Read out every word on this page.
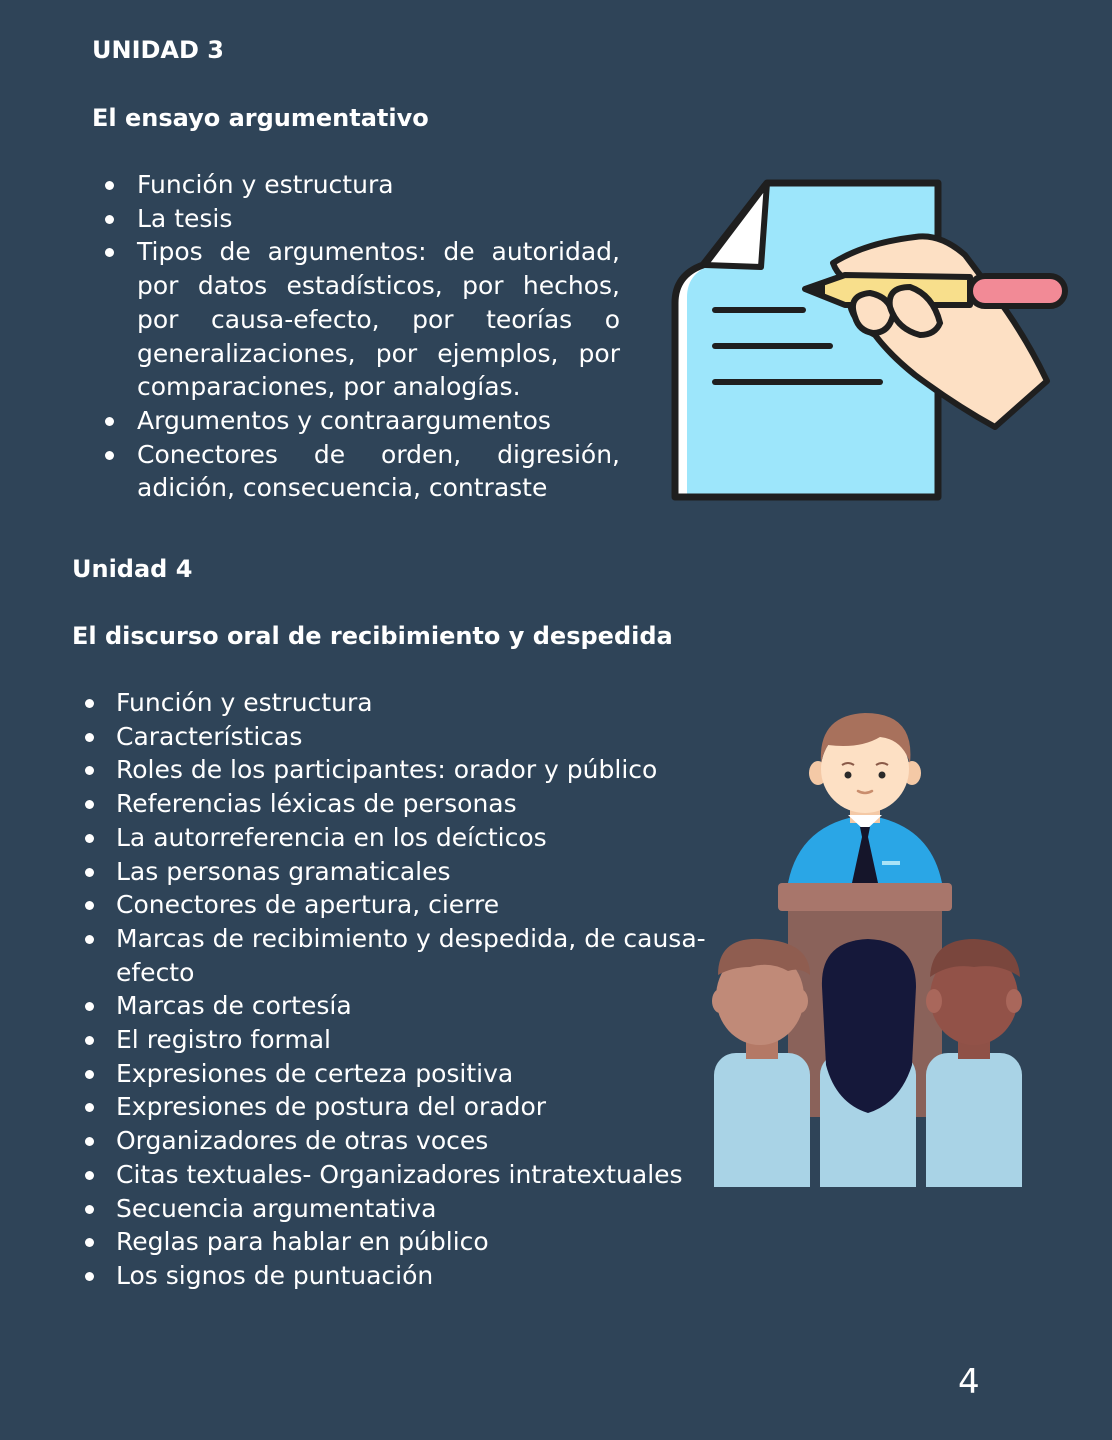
UNIDAD 3
El ensayo argumentativo
Función y estructura
La tesis
Tipos de argumentos: de autoridad, por datos estadísticos, por hechos, por causa-efecto, por teorías o generalizaciones, por ejemplos, por comparaciones, por analogías.
Argumentos y contraargumentos
Conectores de orden, digresión, adición, consecuencia, contraste
Unidad 4
El discurso oral de recibimiento y despedida
Función y estructura
Características
Roles de los participantes: orador y público
Referencias léxicas de personas
La autorreferencia en los deícticos
Las personas gramaticales
Conectores de apertura, cierre
Marcas de recibimiento y despedida, de causa-efecto
Marcas de cortesía
El registro formal
Expresiones de certeza positiva
Expresiones de postura del orador
Organizadores de otras voces
Citas textuales- Organizadores intratextuales
Secuencia argumentativa
Reglas para hablar en público
Los signos de puntuación
4
